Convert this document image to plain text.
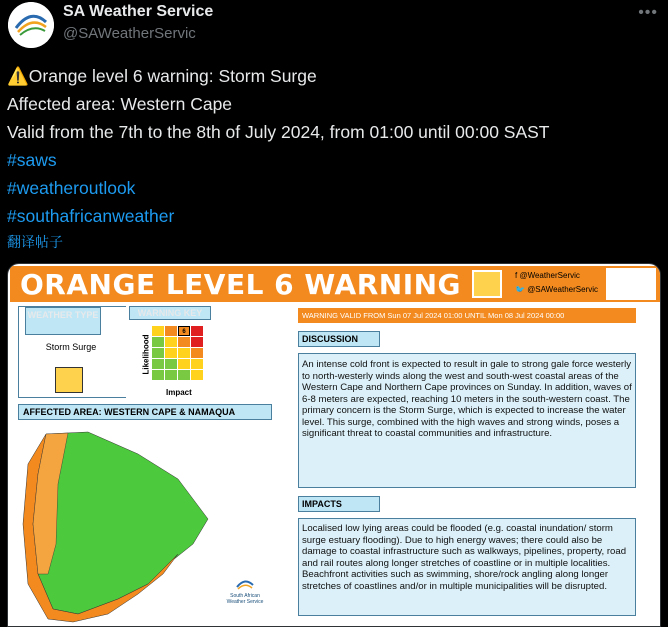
SA Weather Service
@SAWeatherServic
•••
⚠️Orange level 6 warning: Storm Surge
Affected area: Western Cape
Valid from the 7th to the 8th of July 2024, from 01:00 until 00:00 SAST
#saws
#weatheroutlook
#southafricanweather
翻译帖子
ORANGE LEVEL 6 WARNING	f @WeatherServic
🐦 @SAWeatherServic
WEATHER TYPE
Storm Surge
WARNING KEY
Likelihood
6
Impact
AFFECTED AREA: WESTERN CAPE & NAMAQUA
South African Weather Service
WARNING VALID FROM Sun 07 Jul 2024 01:00 UNTIL Mon 08 Jul 2024 00:00
DISCUSSION
An intense cold front is expected to result in gale to strong gale force westerly to north-westerly winds along the west and south-west coastal areas of the Western Cape and Northern Cape provinces on Sunday. In addition, waves of 6-8 meters are expected, reaching 10 meters in the south-western coast. The primary concern is the Storm Surge, which is expected to increase the water level. This surge, combined with the high waves and strong winds, poses a significant threat to coastal communities and infrastructure.
IMPACTS
Localised low lying areas could be flooded (e.g. coastal inundation/ storm surge estuary flooding). Due to high energy waves; there could also be damage to coastal infrastructure such as walkways, pipelines, property, road and rail routes along longer stretches of coastline or in multiple localities. Beachfront activities such as swimming, shore/rock angling along longer stretches of coastlines and/or in multiple municipalities will be disrupted.
